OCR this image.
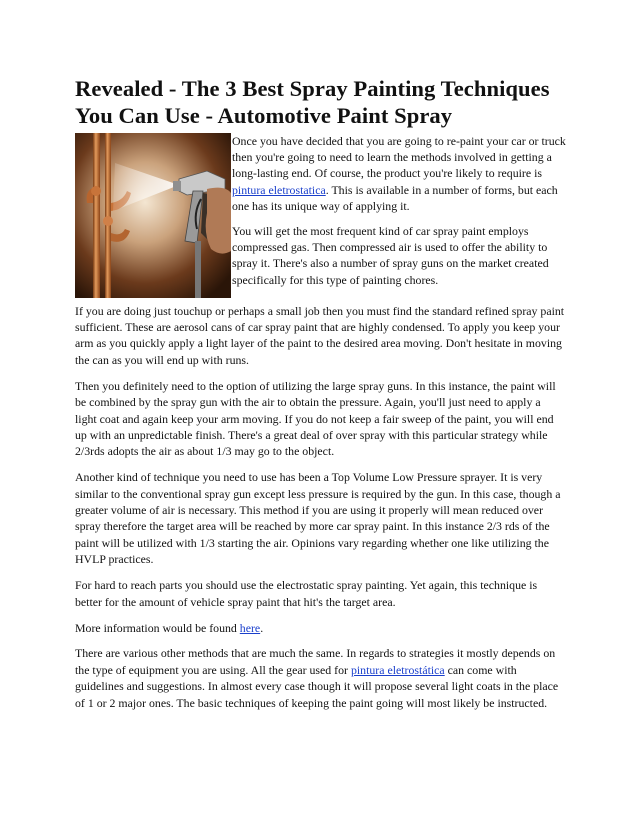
Revealed - The 3 Best Spray Painting Techniques You Can Use - Automotive Paint Spray

Once you have decided that you are going to re-paint your car or truck then you're going to need to learn the methods involved in getting a long-lasting end. Of course, the product you're likely to require is pintura eletrostatica. This is available in a number of forms, but each one has its unique way of applying it.

You will get the most frequent kind of car spray paint employs compressed gas. Then compressed air is used to offer the ability to spray it. There's also a number of spray guns on the market created specifically for this type of painting chores.

If you are doing just touchup or perhaps a small job then you must find the standard refined spray paint sufficient. These are aerosol cans of car spray paint that are highly condensed. To apply you keep your arm as you quickly apply a light layer of the paint to the desired area moving. Don't hesitate in moving the can as you will end up with runs.

Then you definitely need to the option of utilizing the large spray guns. In this instance, the paint will be combined by the spray gun with the air to obtain the pressure. Again, you'll just need to apply a light coat and again keep your arm moving. If you do not keep a fair sweep of the paint, you will end up with an unpredictable finish. There's a great deal of over spray with this particular strategy while 2/3rds adopts the air as about 1/3 may go to the object.

Another kind of technique you need to use has been a Top Volume Low Pressure sprayer. It is very similar to the conventional spray gun except less pressure is required by the gun. In this case, though a greater volume of air is necessary. This method if you are using it properly will mean reduced over spray therefore the target area will be reached by more car spray paint. In this instance 2/3 rds of the paint will be utilized with 1/3 starting the air. Opinions vary regarding whether one like utilizing the HVLP practices.

For hard to reach parts you should use the electrostatic spray painting. Yet again, this technique is better for the amount of vehicle spray paint that hit's the target area.

More information would be found here.

There are various other methods that are much the same. In regards to strategies it mostly depends on the type of equipment you are using. All the gear used for pintura eletrostática can come with guidelines and suggestions. In almost every case though it will propose several light coats in the place of 1 or 2 major ones. The basic techniques of keeping the paint going will most likely be instructed.
